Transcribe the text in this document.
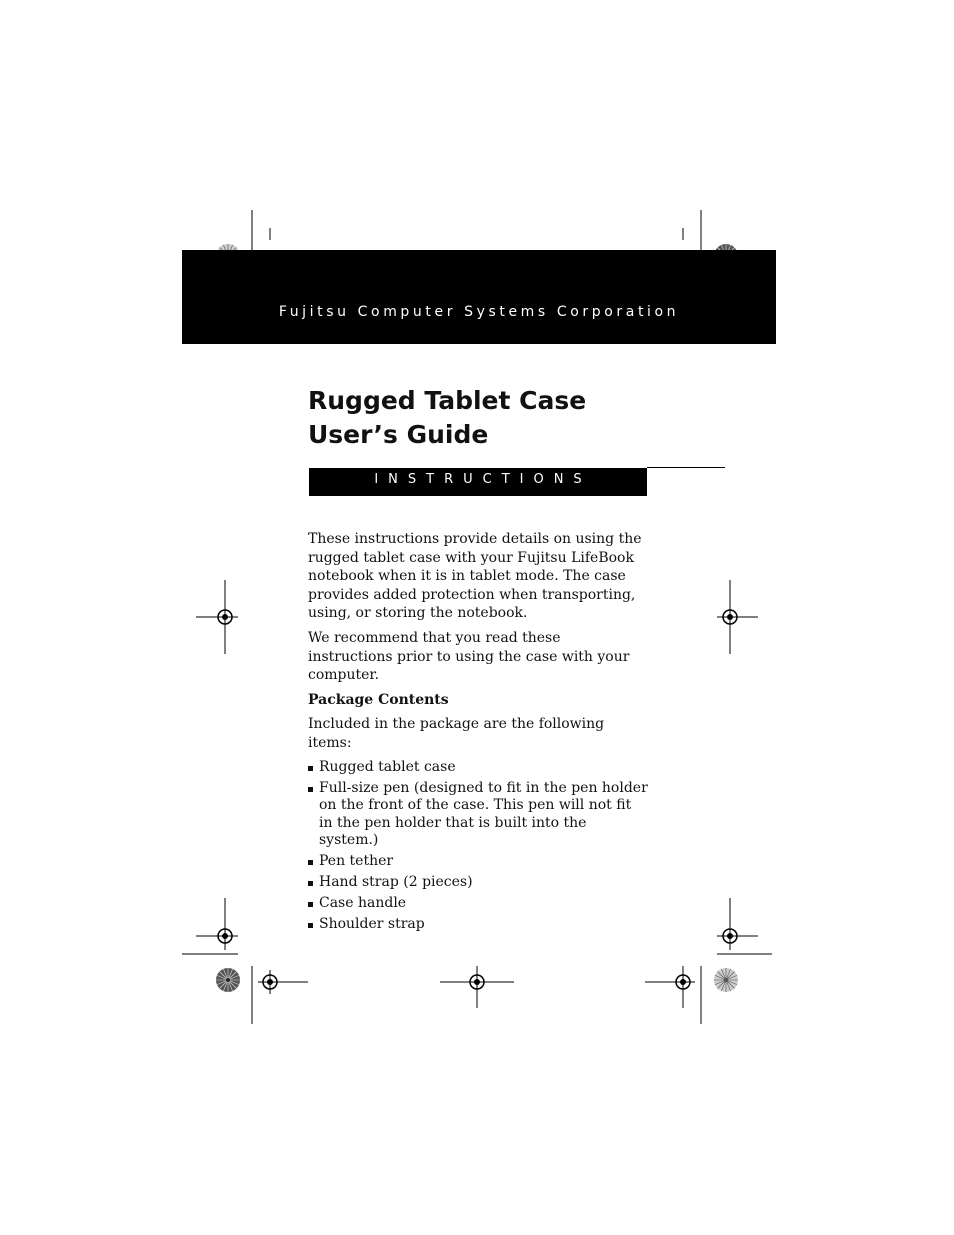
Fujitsu Computer Systems Corporation
Rugged Tablet Case
User’s Guide
INSTRUCTIONS

These instructions provide details on using the rugged tablet case with your Fujitsu LifeBook notebook when it is in tablet mode. The case provides added protection when transporting, using, or storing the notebook.

We recommend that you read these instructions prior to using the case with your computer.

Package Contents

Included in the package are the following items:

Rugged tablet case
Full-size pen (designed to fit in the pen holder on the front of the case. This pen will not fit in the pen holder that is built into the system.)
Pen tether
Hand strap (2 pieces)
Case handle
Shoulder strap
